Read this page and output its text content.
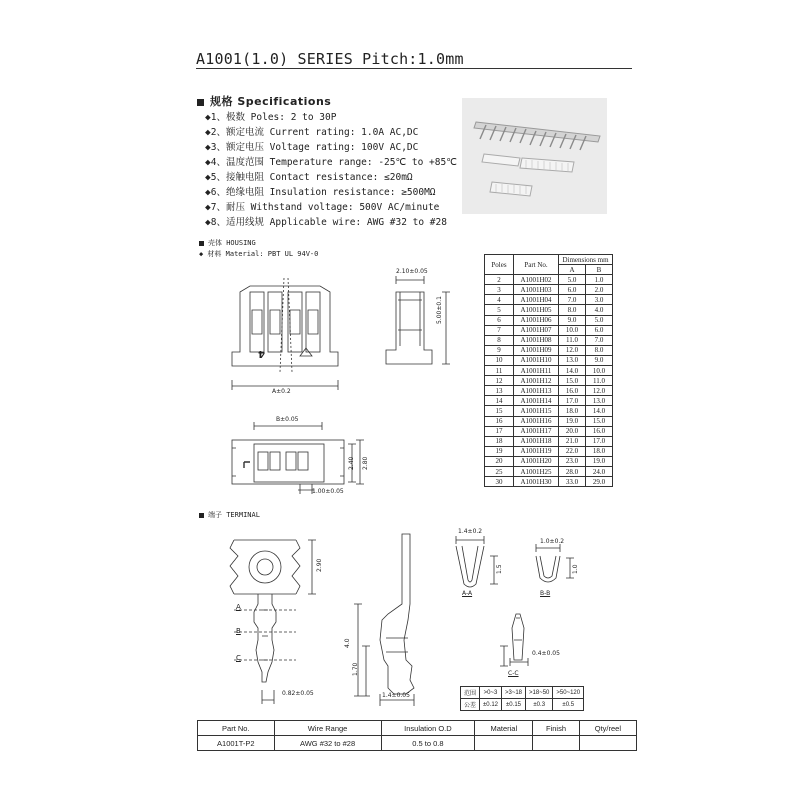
A1001(1.0) SERIES Pitch:1.0mm
规格 Specifications
◆1、极数 Poles: 2 to 30P
◆2、额定电流 Current rating: 1.0A AC,DC
◆3、额定电压 Voltage rating: 100V AC,DC
◆4、温度范围 Temperature range: -25℃ to +85℃
◆5、接触电阻 Contact resistance: ≤20mΩ
◆6、绝缘电阻 Insulation resistance: ≥500MΩ
◆7、耐压 Withstand voltage: 500V AC/minute
◆8、适用线规 Applicable wire: AWG #32 to #28
壳体 HOUSING
◆ 材料 Material: PBT UL 94V-0
A±0.2
2.10±0.05
5.00±0.1
4
B±0.05
2.40 2.80
1.00±0.05
Poles	Part No.	Dimensions mm	
		A	B
2	A1001H02	5.0	1.0
3	A1001H03	6.0	2.0
4	A1001H04	7.0	3.0
5	A1001H05	8.0	4.0
6	A1001H06	9.0	5.0
7	A1001H07	10.0	6.0
8	A1001H08	11.0	7.0
9	A1001H09	12.0	8.0
10	A1001H10	13.0	9.0
11	A1001H11	14.0	10.0
12	A1001H12	15.0	11.0
13	A1001H13	16.0	12.0
14	A1001H14	17.0	13.0
15	A1001H15	18.0	14.0
16	A1001H16	19.0	15.0
17	A1001H17	20.0	16.0
18	A1001H18	21.0	17.0
19	A1001H19	22.0	18.0
20	A1001H20	23.0	19.0
25	A1001H25	28.0	24.0
30	A1001H30	33.0	29.0
端子 TERMINAL
A
B
C
2.90
0.82±0.05
4.0
1.70
1.4±0.05
1.4±0.2
1.5
A-A
1.0±0.2
1.0
B-B
0.4±0.05
C-C
范围	>0~3	>3~18	>18~50	>50~120
公差	±0.12	±0.15	±0.3	±0.5
Part No.	Wire Range	Insulation O.D	Material	Finish	Qty/reel
A1001T-P2	AWG #32 to #28	0.5 to 0.8			
